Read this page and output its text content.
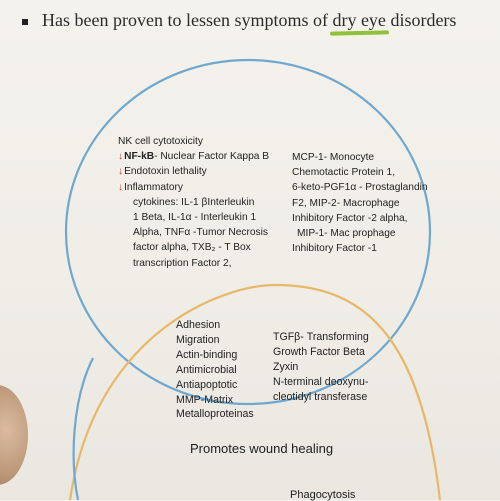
Has been proven to lessen symptoms of dry eye
disorders
NK cell cytotoxicity
↓NF-kB- Nuclear Factor Kappa B
↓Endotoxin lethality
↓Inflammatory
cytokines: IL-1 βInterleukin
1 Beta, IL-1α - Interleukin 1
Alpha, TNFα -Tumor Necrosis
factor alpha, TXB₂ - T Box
transcription Factor 2,
MCP-1- Monocyte
Chemotactic Protein 1,
6-keto-PGF1α - Prostaglandin
F2, MIP-2- Macrophage
Inhibitory Factor -2 alpha,
MIP-1- Mac prophage
Inhibitory Factor -1
Adhesion
Migration
Actin-binding
Antimicrobial
Antiapoptotic
MMP-Matrix
Metalloproteinas
TGFβ- Transforming
Growth Factor Beta
Zyxin
N-terminal deoxynu-
cleotidyl transferase
Promotes wound healing
Phagocytosis
